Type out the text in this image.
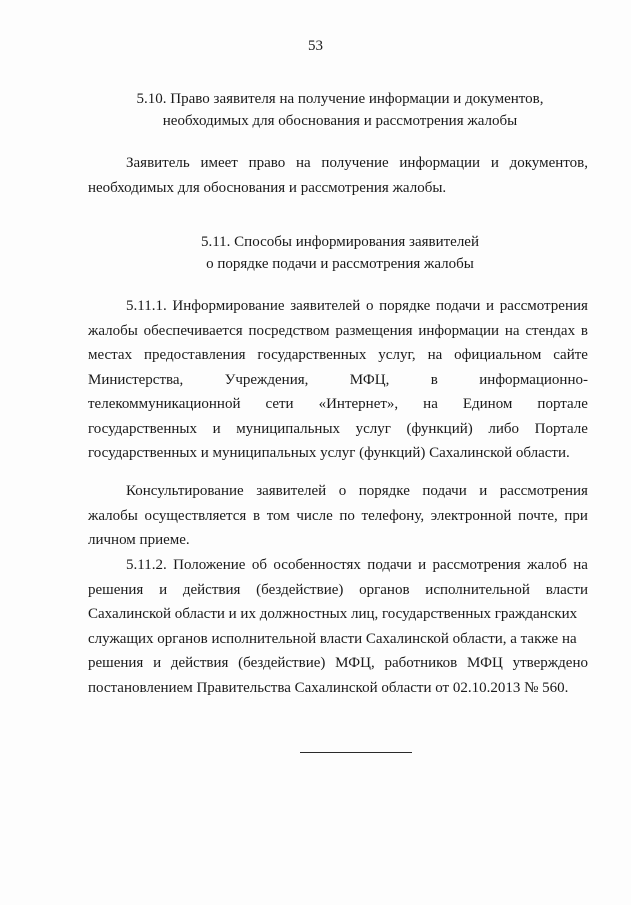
53
5.10. Право заявителя на получение информации и документов,
необходимых для обоснования и рассмотрения жалобы
Заявитель имеет право на получение информации и документов,
необходимых для обоснования и рассмотрения жалобы.
5.11. Способы информирования заявителей
о порядке подачи и рассмотрения жалобы
5.11.1. Информирование заявителей о порядке подачи и рассмотрения
жалобы обеспечивается посредством размещения информации на стендах в
местах предоставления государственных услуг, на официальном сайте
Министерства,	Учреждения,	МФЦ,	в	информационно-
телекоммуникационной сети «Интернет», на Едином портале
государственных и муниципальных услуг (функций) либо Портале
государственных и муниципальных услуг (функций) Сахалинской области.
Консультирование заявителей о порядке подачи и рассмотрения
жалобы осуществляется в том числе по телефону, электронной почте, при
личном приеме.
5.11.2. Положение об особенностях подачи и рассмотрения жалоб на
решения и действия (бездействие) органов исполнительной власти
Сахалинской области и их должностных лиц, государственных гражданских
служащих органов исполнительной власти Сахалинской области, а также на
решения и действия (бездействие) МФЦ, работников МФЦ утверждено
постановлением Правительства Сахалинской области от 02.10.2013 № 560.
